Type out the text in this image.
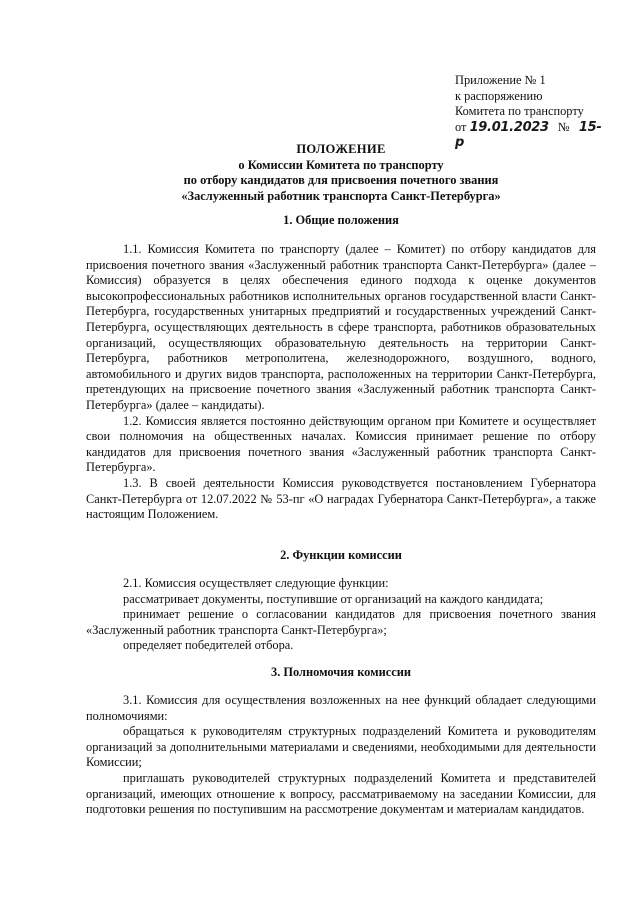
Приложение № 1
к распоряжению
Комитета по транспорту
от 19.01.2023 № 15-р
ПОЛОЖЕНИЕ
о Комиссии Комитета по транспорту
по отбору кандидатов для присвоения почетного звания
«Заслуженный работник транспорта Санкт-Петербурга»
1. Общие положения

1.1. Комиссия Комитета по транспорту (далее – Комитет) по отбору кандидатов для присвоения почетного звания «Заслуженный работник транспорта Санкт-Петербурга» (далее – Комиссия) образуется в целях обеспечения единого подхода к оценке документов высокопрофессиональных работников исполнительных органов государственной власти Санкт-Петербурга, государственных унитарных предприятий и государственных учреждений Санкт-Петербурга, осуществляющих деятельность в сфере транспорта, работников образовательных организаций, осуществляющих образовательную деятельность на территории Санкт-Петербурга, работников метрополитена, железнодорожного, воздушного, водного, автомобильного и других видов транспорта, расположенных на территории Санкт-Петербурга, претендующих на присвоение почетного звания «Заслуженный работник транспорта Санкт-Петербурга» (далее – кандидаты).

1.2. Комиссия является постоянно действующим органом при Комитете и осуществляет свои полномочия на общественных началах. Комиссия принимает решение по отбору кандидатов для присвоения почетного звания «Заслуженный работник транспорта Санкт-Петербурга».

1.3. В своей деятельности Комиссия руководствуется постановлением Губернатора Санкт-Петербурга от 12.07.2022 № 53-пг «О наградах Губернатора Санкт-Петербурга», а также настоящим Положением.

2. Функции комиссии

2.1. Комиссия осуществляет следующие функции:

рассматривает документы, поступившие от организаций на каждого кандидата;

принимает решение о согласовании кандидатов для присвоения почетного звания «Заслуженный работник транспорта Санкт-Петербурга»;

определяет победителей отбора.

3. Полномочия комиссии

3.1. Комиссия для осуществления возложенных на нее функций обладает следующими полномочиями:

обращаться к руководителям структурных подразделений Комитета и руководителям организаций за дополнительными материалами и сведениями, необходимыми для деятельности Комиссии;

приглашать руководителей структурных подразделений Комитета и представителей организаций, имеющих отношение к вопросу, рассматриваемому на заседании Комиссии, для подготовки решения по поступившим на рассмотрение документам и материалам кандидатов.
